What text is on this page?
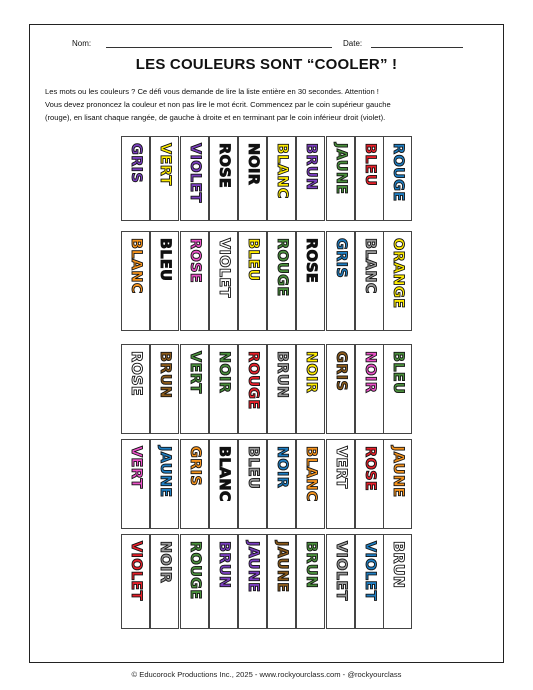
Nom:	Date:
LES COULEURS SONT “COOLER” !

Les mots ou les couleurs ? Ce défi vous demande de lire la liste entière en 30 secondes. Attention !

Vous devez prononcez la couleur et non pas lire le mot écrit. Commencez par le coin supérieur gauche

(rouge), en lisant chaque rangée, de gauche à droite et en terminant par le coin inférieur droit (violet).

ROUGE
BLEU
JAUNE
BRUN
BLANC
NOIR
ROSE
VIOLET
VERT
GRIS
ORANGE
BLANC
GRIS
ROSE
ROUGE
BLEU
VIOLET
ROSE
BLEU
BLANC
BLEU
NOIR
GRIS
NOIR
BRUN
ROUGE
NOIR
VERT
BRUN
ROSE
JAUNE
ROSE
VERT
BLANC
NOIR
BLEU
BLANC
GRIS
JAUNE
VERT
BRUN
VIOLET
VIOLET
BRUN
JAUNE
JAUNE
BRUN
ROUGE
NOIR
VIOLET
© Educorock Productions Inc., 2025 - www.rockyourclass.com - @rockyourclass
